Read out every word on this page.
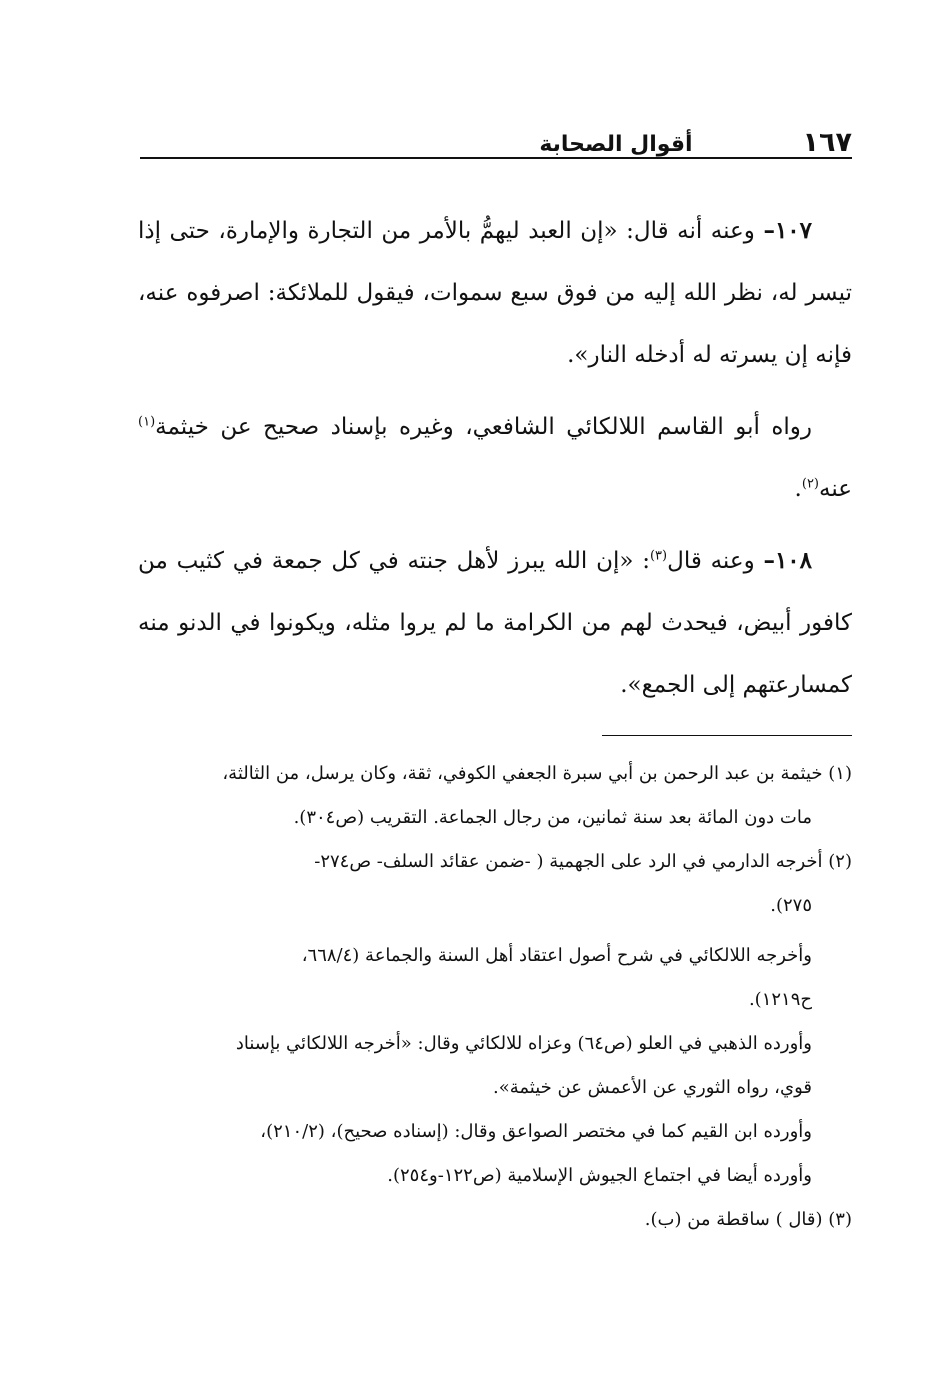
١٦٧
أقوال الصحابة

١٠٧– وعنه أنه قال: «إن العبد ليهمُّ بالأمر من التجارة والإمارة، حتى إذا تيسر له، نظر الله إليه من فوق سبع سموات، فيقول للملائكة: اصرفوه عنه، فإنه إن يسرته له أدخله النار».

رواه أبو القاسم اللالكائي الشافعي، وغيره بإسناد صحيح عن خيثمة$^{(١)}$ عنه$^{(٢)}$.

١٠٨– وعنه قال$^{(٣)}$: «إن الله يبرز لأهل جنته في كل جمعة في كثيب من كافور أبيض، فيحدث لهم من الكرامة ما لم يروا مثله، ويكونوا في الدنو منه كمسارعتهم إلى الجمع».

(١) خيثمة بن عبد الرحمن بن أبي سبرة الجعفي الكوفي، ثقة، وكان يرسل، من الثالثة،

مات دون المائة بعد سنة ثمانين، من رجال الجماعة. التقريب (ص٣٠٤).

(٢) أخرجه الدارمي في الرد على الجهمية ( -ضمن عقائد السلف- ص٢٧٤-

٢٧٥).

وأخرجه اللالكائي في شرح أصول اعتقاد أهل السنة والجماعة (٦٦٨/٤،

ح١٢١٩).

وأورده الذهبي في العلو (ص٦٤) وعزاه للالكائي وقال: «أخرجه اللالكائي بإسناد

قوي، رواه الثوري عن الأعمش عن خيثمة».

وأورده ابن القيم كما في مختصر الصواعق وقال: (إسناده صحيح)، (٢١٠/٢)،

وأورده أيضا في اجتماع الجيوش الإسلامية (ص١٢٢-و٢٥٤).

(٣) (قال ) ساقطة من (ب).
